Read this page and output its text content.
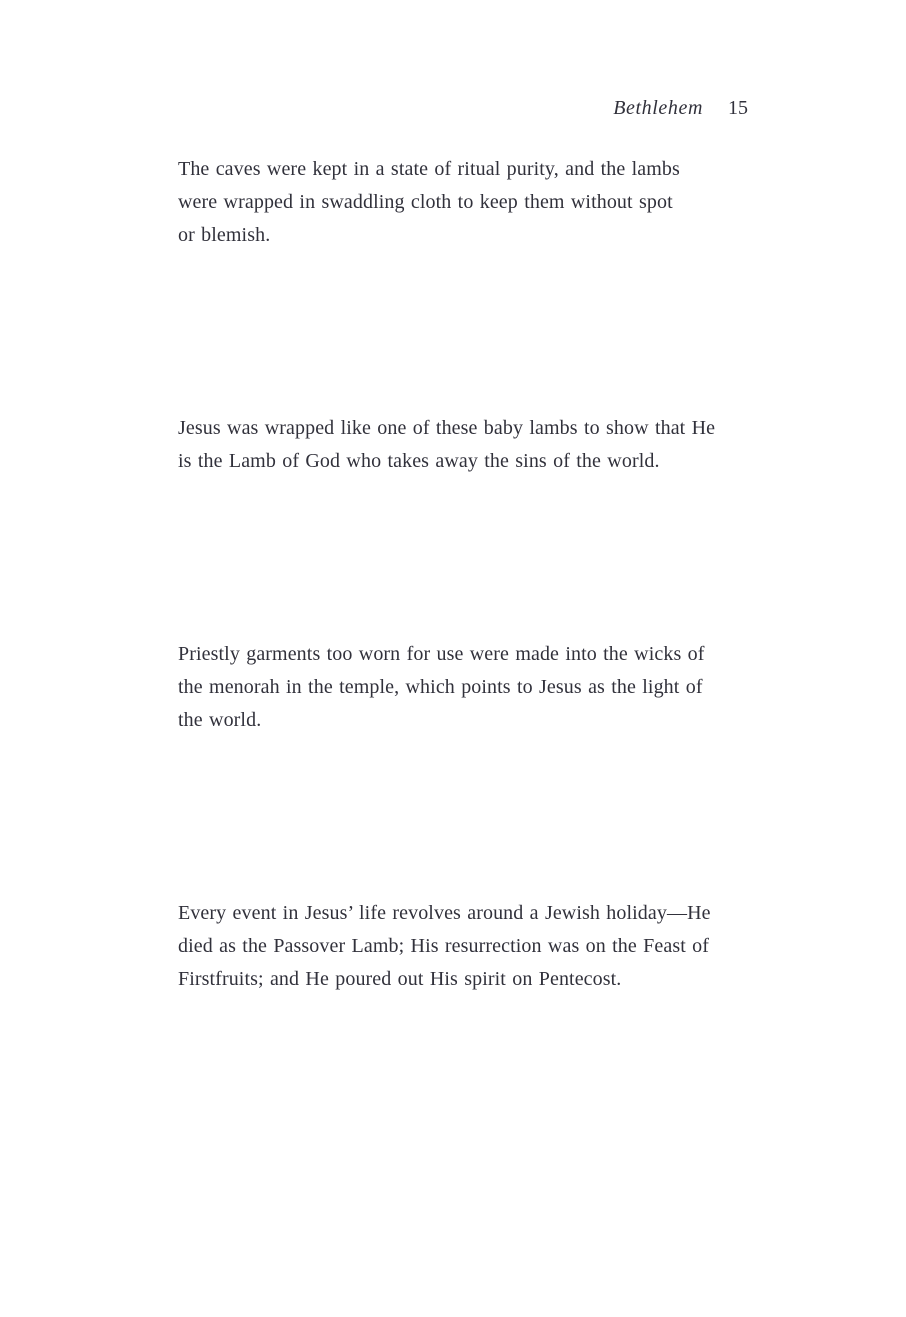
Bethlehem 15

The caves were kept in a state of ritual purity, and the lambs
were wrapped in swaddling cloth to keep them without spot
or blemish.

Jesus was wrapped like one of these baby lambs to show that He
is the Lamb of God who takes away the sins of the world.

Priestly garments too worn for use were made into the wicks of
the menorah in the temple, which points to Jesus as the light of
the world.

Every event in Jesus’ life revolves around a Jewish holiday—He
died as the Passover Lamb; His resurrection was on the Feast of
Firstfruits; and He poured out His spirit on Pentecost.
